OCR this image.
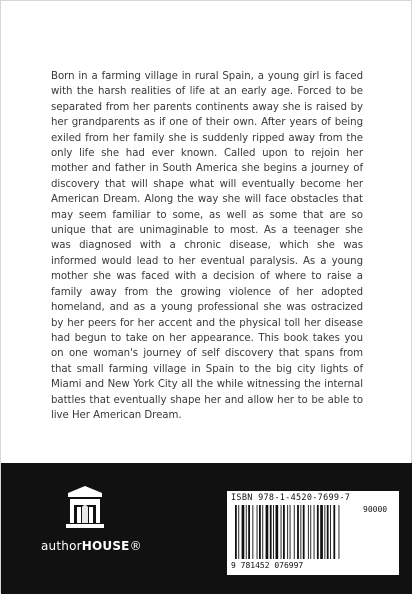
Born in a farming village in rural Spain, a young girl is faced with the harsh realities of life at an early age. Forced to be separated from her parents continents away she is raised by her grandparents as if one of their own. After years of being exiled from her family she is suddenly ripped away from the only life she had ever known. Called upon to rejoin her mother and father in South America she begins a journey of discovery that will shape what will eventually become her American Dream. Along the way she will face obstacles that may seem familiar to some, as well as some that are so unique that are unimaginable to most. As a teenager she was diagnosed with a chronic disease, which she was informed would lead to her eventual paralysis. As a young mother she was faced with a decision of where to raise a family away from the growing violence of her adopted homeland, and as a young professional she was ostracized by her peers for her accent and the physical toll her disease had begun to take on her appearance. This book takes you on one woman's journey of self discovery that spans from that small farming village in Spain to the big city lights of Miami and New York City all the while witnessing the internal battles that eventually shape her and allow her to be able to live Her American Dream.
authorHOUSE®
ISBN 978-1-4520-7699-7
90000
9 781452 076997
